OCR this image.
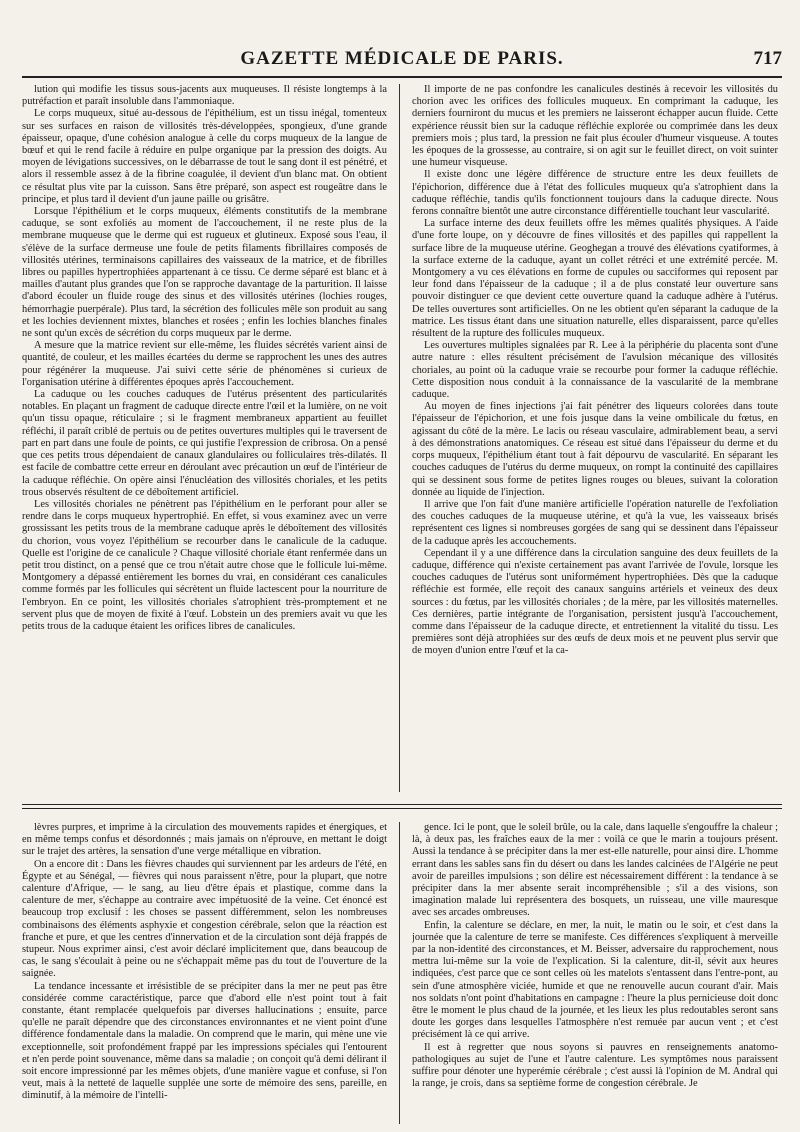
GAZETTE MÉDICALE DE PARIS.	717

lution qui modifie les tissus sous-jacents aux muqueuses. Il résiste longtemps à la putréfaction et paraît insoluble dans l'ammoniaque.

Le corps muqueux, situé au-dessous de l'épithélium, est un tissu inégal, tomenteux sur ses surfaces en raison de villosités très-développées, spongieux, d'une grande épaisseur, opaque, d'une cohésion analogue à celle du corps muqueux de la langue de bœuf et qui le rend facile à réduire en pulpe organique par la pression des doigts. Au moyen de lévigations successives, on le débarrasse de tout le sang dont il est pénétré, et alors il ressemble assez à de la fibrine coagulée, il devient d'un blanc mat. On obtient ce résultat plus vite par la cuisson. Sans être préparé, son aspect est rougeâtre dans le principe, et plus tard il devient d'un jaune paille ou grisâtre.

Lorsque l'épithélium et le corps muqueux, éléments constitutifs de la membrane caduque, se sont exfoliés au moment de l'accouchement, il ne reste plus de la membrane muqueuse que le derme qui est rugueux et glutineux. Exposé sous l'eau, il s'élève de la surface dermeuse une foule de petits filaments fibrillaires composés de villosités utérines, terminaisons capillaires des vaisseaux de la matrice, et de fibrilles libres ou papilles hypertrophiées appartenant à ce tissu. Ce derme séparé est blanc et à mailles d'autant plus grandes que l'on se rapproche davantage de la parturition. Il laisse d'abord écouler un fluide rouge des sinus et des villosités utérines (lochies rouges, hémorrhagie puerpérale). Plus tard, la sécrétion des follicules mêle son produit au sang et les lochies deviennent mixtes, blanches et rosées ; enfin les lochies blanches finales ne sont qu'un excès de sécrétion du corps muqueux par le derme.

A mesure que la matrice revient sur elle-même, les fluides sécrétés varient ainsi de quantité, de couleur, et les mailles écartées du derme se rapprochent les unes des autres pour régénérer la muqueuse. J'ai suivi cette série de phénomènes si curieux de l'organisation utérine à différentes époques après l'accouchement.

La caduque ou les couches caduques de l'utérus présentent des particularités notables. En plaçant un fragment de caduque directe entre l'œil et la lumière, on ne voit qu'un tissu opaque, réticulaire ; si le fragment membraneux appartient au feuillet réfléchi, il paraît criblé de pertuis ou de petites ouvertures multiples qui le traversent de part en part dans une foule de points, ce qui justifie l'expression de cribrosa. On a pensé que ces petits trous dépendaient de canaux glandulaires ou folliculaires très-dilatés. Il est facile de combattre cette erreur en déroulant avec précaution un œuf de l'intérieur de la caduque réfléchie. On opère ainsi l'énucléation des villosités choriales, et les petits trous observés résultent de ce déboîtement artificiel.

Les villosités choriales ne pénètrent pas l'épithélium en le perforant pour aller se rendre dans le corps muqueux hypertrophié. En effet, si vous examinez avec un verre grossissant les petits trous de la membrane caduque après le déboîtement des villosités du chorion, vous voyez l'épithélium se recourber dans le canalicule de la caduque. Quelle est l'origine de ce canalicule ? Chaque villosité choriale étant renfermée dans un petit trou distinct, on a pensé que ce trou n'était autre chose que le follicule lui-même. Montgomery a dépassé entièrement les bornes du vrai, en considérant ces canalicules comme formés par les follicules qui sécrètent un fluide lactescent pour la nourriture de l'embryon. En ce point, les villosités choriales s'atrophient très-promptement et ne servent plus que de moyen de fixité à l'œuf. Lobstein un des premiers avait vu que les petits trous de la caduque étaient les orifices libres de canalicules.

Il importe de ne pas confondre les canalicules destinés à recevoir les villosités du chorion avec les orifices des follicules muqueux. En comprimant la caduque, les derniers fourniront du mucus et les premiers ne laisseront échapper aucun fluide. Cette expérience réussit bien sur la caduque réfléchie explorée ou comprimée dans les deux premiers mois ; plus tard, la pression ne fait plus écouler d'humeur visqueuse. A toutes les époques de la grossesse, au contraire, si on agit sur le feuillet direct, on voit suinter une humeur visqueuse.

Il existe donc une légère différence de structure entre les deux feuillets de l'épichorion, différence due à l'état des follicules muqueux qu'a s'atrophient dans la caduque réfléchie, tandis qu'ils fonctionnent toujours dans la caduque directe. Nous ferons connaître bientôt une autre circonstance différentielle touchant leur vascularité.

La surface interne des deux feuillets offre les mêmes qualités physiques. A l'aide d'une forte loupe, on y découvre de fines villosités et des papilles qui rappellent la surface libre de la muqueuse utérine. Geoghegan a trouvé des élévations cyatiformes, à la surface externe de la caduque, ayant un collet rétréci et une extrémité percée. M. Montgomery a vu ces élévations en forme de cupules ou sacciformes qui reposent par leur fond dans l'épaisseur de la caduque ; il a de plus constaté leur ouverture sans pouvoir distinguer ce que devient cette ouverture quand la caduque adhère à l'utérus. De telles ouvertures sont artificielles. On ne les obtient qu'en séparant la caduque de la matrice. Les tissus étant dans une situation naturelle, elles disparaissent, parce qu'elles résultent de la rupture des follicules muqueux.

Les ouvertures multiples signalées par R. Lee à la périphérie du placenta sont d'une autre nature : elles résultent précisément de l'avulsion mécanique des villosités choriales, au point où la caduque vraie se recourbe pour former la caduque réfléchie. Cette disposition nous conduit à la connaissance de la vascularité de la membrane caduque.

Au moyen de fines injections j'ai fait pénétrer des liqueurs colorées dans toute l'épaisseur de l'épichorion, et une fois jusque dans la veine ombilicale du fœtus, en agissant du côté de la mère. Le lacis ou réseau vasculaire, admirablement beau, a servi à des démonstrations anatomiques. Ce réseau est situé dans l'épaisseur du derme et du corps muqueux, l'épithélium étant tout à fait dépourvu de vascularité. En séparant les couches caduques de l'utérus du derme muqueux, on rompt la continuité des capillaires qui se dessinent sous forme de petites lignes rouges ou bleues, suivant la coloration donnée au liquide de l'injection.

Il arrive que l'on fait d'une manière artificielle l'opération naturelle de l'exfoliation des couches caduques de la muqueuse utérine, et qu'à la vue, les vaisseaux brisés représentent ces lignes si nombreuses gorgées de sang qui se dessinent dans l'épaisseur de la caduque après les accouchements.

Cependant il y a une différence dans la circulation sanguine des deux feuillets de la caduque, différence qui n'existe certainement pas avant l'arrivée de l'ovule, lorsque les couches caduques de l'utérus sont uniformément hypertrophiées. Dès que la caduque réfléchie est formée, elle reçoit des canaux sanguins artériels et veineux des deux sources : du fœtus, par les villosités choriales ; de la mère, par les villosités maternelles. Ces dernières, partie intégrante de l'organisation, persistent jusqu'à l'accouchement, comme dans l'épaisseur de la caduque directe, et entretiennent la vitalité du tissu. Les premières sont déjà atrophiées sur des œufs de deux mois et ne peuvent plus servir que de moyen d'union entre l'œuf et la ca-

lèvres purpres, et imprime à la circulation des mouvements rapides et énergiques, et en même temps confus et désordonnés ; mais jamais on n'éprouve, en mettant le doigt sur le trajet des artères, la sensation d'une verge métallique en vibration.

On a encore dit : Dans les fièvres chaudes qui surviennent par les ardeurs de l'été, en Égypte et au Sénégal, — fièvres qui nous paraissent n'être, pour la plupart, que notre calenture d'Afrique, — le sang, au lieu d'être épais et plastique, comme dans la calenture de mer, s'échappe au contraire avec impétuosité de la veine. Cet énoncé est beaucoup trop exclusif : les choses se passent différemment, selon les nombreuses combinaisons des éléments asphyxie et congestion cérébrale, selon que la réaction est franche et pure, et que les centres d'innervation et de la circulation sont déjà frappés de stupeur. Nous exprimer ainsi, c'est avoir déclaré implicitement que, dans beaucoup de cas, le sang s'écoulait à peine ou ne s'échappait même pas du tout de l'ouverture de la saignée.

La tendance incessante et irrésistible de se précipiter dans la mer ne peut pas être considérée comme caractéristique, parce que d'abord elle n'est point tout à fait constante, étant remplacée quelquefois par diverses hallucinations ; ensuite, parce qu'elle ne paraît dépendre que des circonstances environnantes et ne vient point d'une différence fondamentale dans la maladie. On comprend que le marin, qui mène une vie exceptionnelle, soit profondément frappé par les impressions spéciales qui l'entourent et n'en perde point souvenance, même dans sa maladie ; on conçoit qu'à demi délirant il soit encore impressionné par les mêmes objets, d'une manière vague et confuse, si l'on veut, mais à la netteté de laquelle supplée une sorte de mémoire des sens, pareille, en diminutif, à la mémoire de l'intelli-

gence. Ici le pont, que le soleil brûle, ou la cale, dans laquelle s'engouffre la chaleur ; là, à deux pas, les fraîches eaux de la mer : voilà ce que le marin a toujours présent. Aussi la tendance à se précipiter dans la mer est-elle naturelle, pour ainsi dire. L'homme errant dans les sables sans fin du désert ou dans les landes calcinées de l'Algérie ne peut avoir de pareilles impulsions ; son délire est nécessairement différent : la tendance à se précipiter dans la mer absente serait incompréhensible ; s'il a des visions, son imagination malade lui représentera des bosquets, un ruisseau, une ville mauresque avec ses arcades ombreuses.

Enfin, la calenture se déclare, en mer, la nuit, le matin ou le soir, et c'est dans la journée que la calenture de terre se manifeste. Ces différences s'expliquent à merveille par la non-identité des circonstances, et M. Beisser, adversaire du rapprochement, nous mettra lui-même sur la voie de l'explication. Si la calenture, dit-il, sévit aux heures indiquées, c'est parce que ce sont celles où les matelots s'entassent dans l'entre-pont, au sein d'une atmosphère viciée, humide et que ne renouvelle aucun courant d'air. Mais nos soldats n'ont point d'habitations en campagne : l'heure la plus pernicieuse doit donc être le moment le plus chaud de la journée, et les lieux les plus redoutables seront sans doute les gorges dans lesquelles l'atmosphère n'est remuée par aucun vent ; et c'est précisément là ce qui arrive.

Il est à regretter que nous soyons si pauvres en renseignements anatomo-pathologiques au sujet de l'une et l'autre calenture. Les symptômes nous paraissent suffire pour dénoter une hyperémie cérébrale ; c'est aussi là l'opinion de M. Andral qui la range, je crois, dans sa septième forme de congestion cérébrale. Je
